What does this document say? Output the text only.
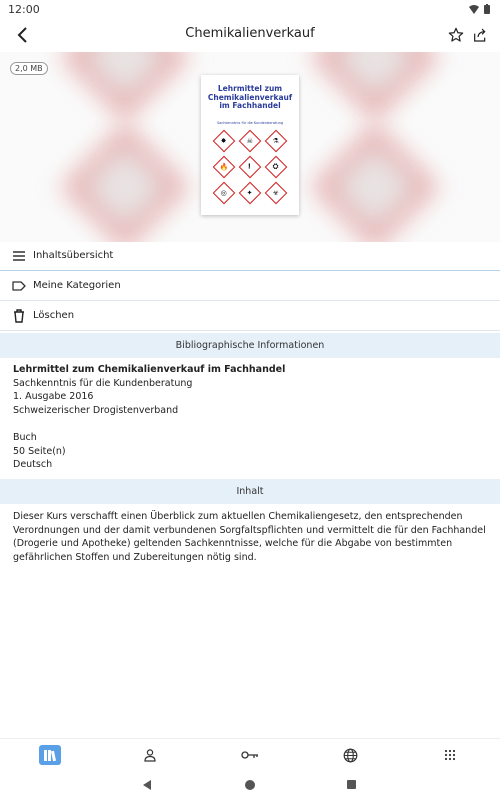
12:00
Chemikalienverkauf
2,0 MB
Lehrmittel zum Chemikalienverkauf im Fachhandel
Sachkenntnis für die Kundenberatung
✸	☠	⚗
🔥	!	⛭
◎	✦	☣
Inhaltsübersicht
Meine Kategorien
Löschen
Bibliographische Informationen
Lehrmittel zum Chemikalienverkauf im Fachhandel
Sachkenntnis für die Kundenberatung
1. Ausgabe 2016
Schweizerischer Drogistenverband
Buch
50 Seite(n)
Deutsch
Inhalt
Dieser Kurs verschafft einen Überblick zum aktuellen Chemikaliengesetz, den entsprechenden Verordnungen und der damit verbundenen Sorgfaltspflichten und vermittelt die für den Fachhandel (Drogerie und Apotheke) geltenden Sachkenntnisse, welche für die Abgabe von bestimmten gefährlichen Stoffen und Zubereitungen nötig sind.
